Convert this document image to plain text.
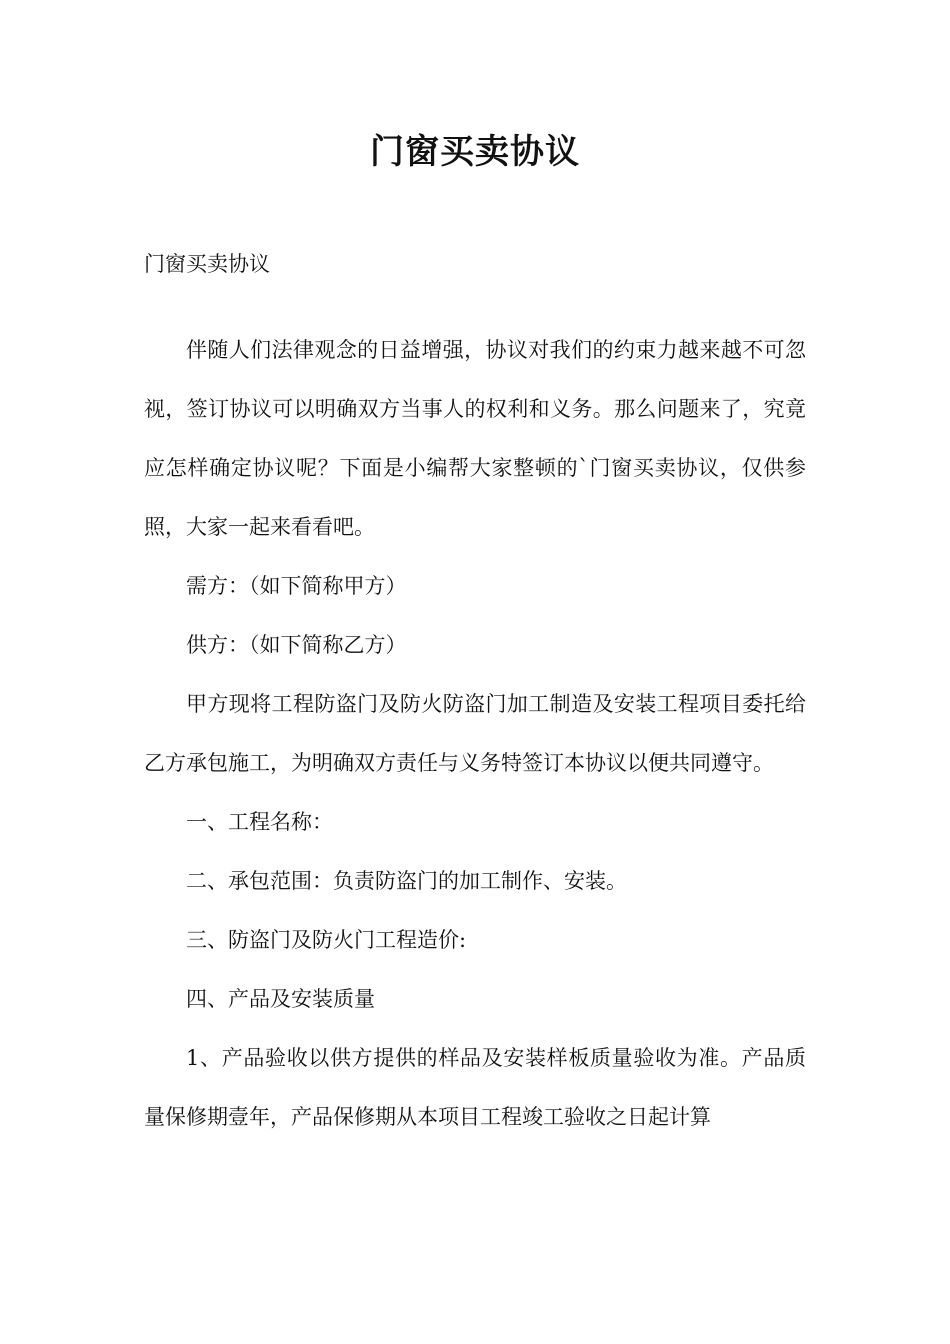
门窗买卖协议

门窗买卖协议

伴随人们法律观念的日益增强，协议对我们的约束力越来越不可忽视，签订协议可以明确双方当事人的权利和义务。那么问题来了，究竟应怎样确定协议呢？下面是小编帮大家整顿的`门窗买卖协议，仅供参照，大家一起来看看吧。

需方：（如下简称甲方）

供方：（如下简称乙方）

甲方现将工程防盗门及防火防盗门加工制造及安装工程项目委托给乙方承包施工，为明确双方责任与义务特签订本协议以便共同遵守。

一、工程名称：

二、承包范围：负责防盗门的加工制作、安装。

三、防盗门及防火门工程造价:

四、产品及安装质量

1、产品验收以供方提供的样品及安装样板质量验收为准。产品质量保修期壹年，产品保修期从本项目工程竣工验收之日起计算
